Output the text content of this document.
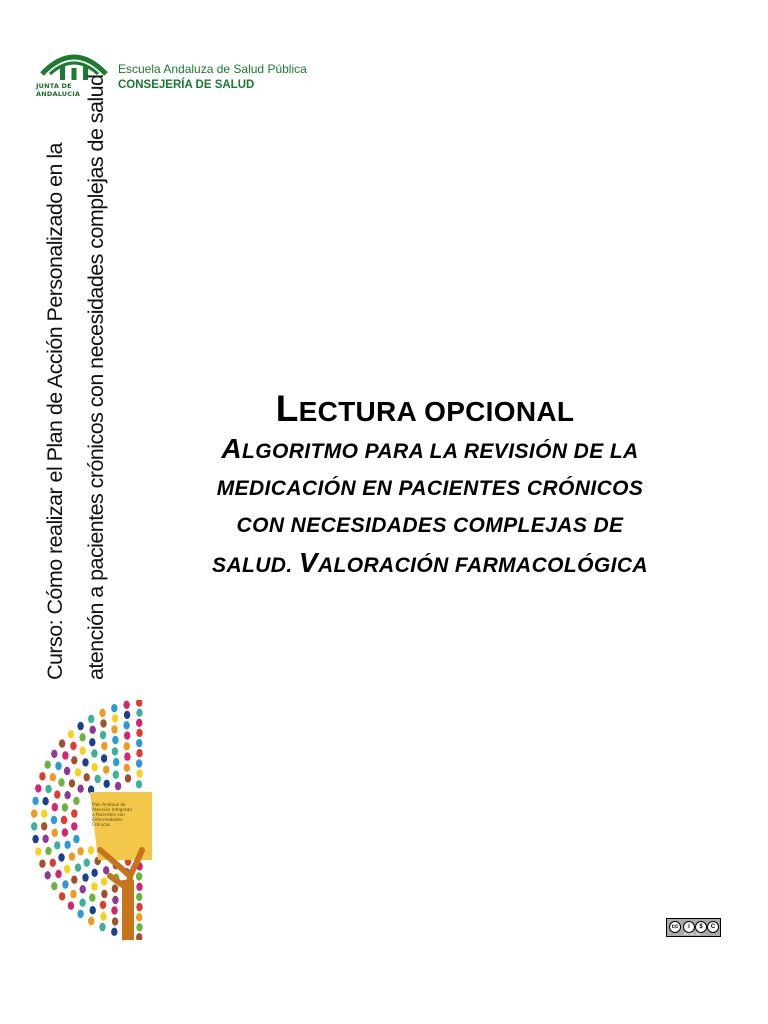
JUNTA DE ANDALUCIA
Escuela Andaluza de Salud Pública
CONSEJERÍA DE SALUD
Curso: Cómo realizar el Plan de Acción Personalizado en la atención a pacientes crónicos con necesidades complejas de salud	LECTURA OPCIONAL
ALGORITMO PARA LA REVISIÓN DE LA
MEDICACIÓN EN PACIENTES CRÓNICOS
CON NECESIDADES COMPLEJAS DE
SALUD. VALORACIÓN FARMACOLÓGICA
Plan Andaluz de
Atención Integrada
a Pacientes con
Enfermedades
Crónicas
cc	i	$	C
BY NC SA
